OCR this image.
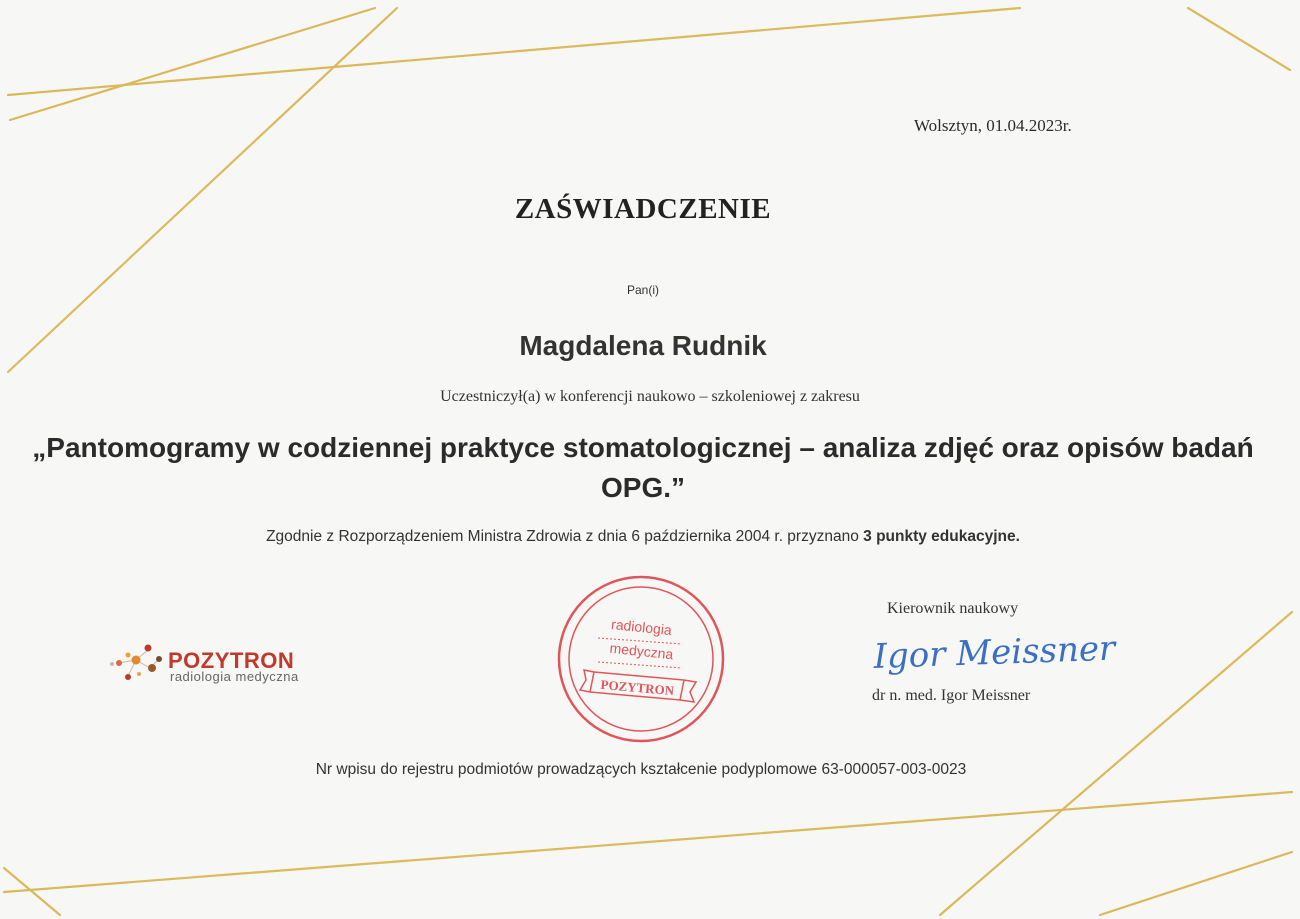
Wolsztyn, 01.04.2023r.
ZAŚWIADCZENIE
Pan(i)
Magdalena Rudnik
Uczestniczył(a) w konferencji naukowo – szkoleniowej z zakresu
„Pantomogramy w codziennej praktyce stomatologicznej – analiza zdjęć oraz opisów badań OPG.”
Zgodnie z Rozporządzeniem Ministra Zdrowia z dnia 6 października 2004 r. przyznano 3 punkty edukacyjne.
POZYTRON
radiologia medyczna
radiologia
medyczna
POZYTRON
Kierownik naukowy
Igor Meissner
dr n. med. Igor Meissner
Nr wpisu do rejestru podmiotów prowadzących kształcenie podyplomowe 63-000057-003-0023
